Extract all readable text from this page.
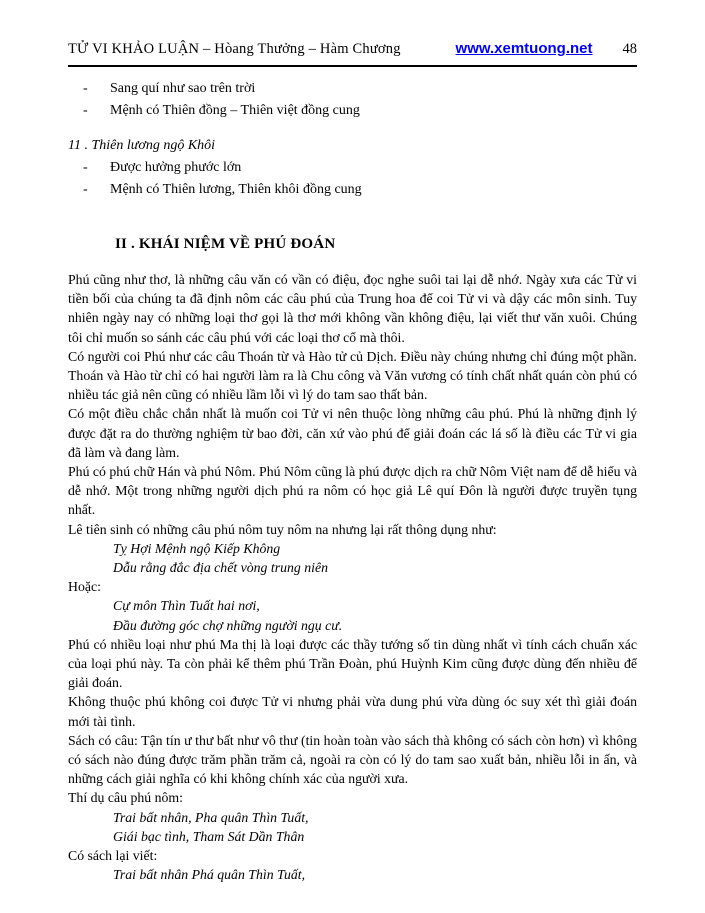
TỬ VI KHẢO LUẬN – Hòang Thưởng – Hàm Chương	www.xemtuong.net 48
-	Sang quí như sao trên trời
-	Mệnh có Thiên đồng – Thiên việt đồng cung

11 . Thiên lương ngộ Khôi

-	Được hưởng phước lớn
-	Mệnh có Thiên lương, Thiên khôi đồng cung
II . KHÁI NIỆM VỀ PHÚ ĐOÁN

Phú cũng như thơ, là những câu văn có vần có điệu, đọc nghe suôi tai lại dễ nhớ. Ngày xưa các Tử vi tiền bối của chúng ta đã định nôm các câu phú của Trung hoa để coi Tử vi và dậy các môn sinh. Tuy nhiên ngày nay có những loại thơ gọi là thơ mới không vần không điệu, lại viết thư văn xuôi. Chúng tôi chỉ muốn so sánh các câu phú với các loại thơ cổ mà thôi.

Có người coi Phú như các câu Thoán từ và Hào tử củ Dịch. Điều này chúng nhưng chỉ đúng một phần. Thoán và Hào từ chỉ có hai người làm ra là Chu công và Văn vương có tính chất nhất quán còn phú có nhiều tác giả nên cũng có nhiều lầm lỗi vì lý do tam sao thất bản.

Có một điều chắc chắn nhất là muốn coi Tử vi nên thuộc lòng những câu phú. Phú là những định lý được đặt ra do thường nghiệm từ bao đời, căn xứ vào phú để giải đoán các lá số là điều các Tử vi gia đã làm và đang làm.

Phú có phú chữ Hán và phú Nôm. Phú Nôm cũng là phú được dịch ra chữ Nôm Việt nam để dễ hiểu và dễ nhớ. Một trong những người dịch phú ra nôm có học giả Lê quí Đôn là người được truyền tụng nhất.

Lê tiên sinh có những câu phú nôm tuy nôm na nhưng lại rất thông dụng như:

Tỵ Hợi Mệnh ngộ Kiếp Không

Dẫu rằng đắc địa chết vòng trung niên

Hoặc:

Cự môn Thìn Tuất hai nơi,

Đầu đường góc chợ những người ngụ cư.

Phú có nhiều loại như phú Ma thị là loại được các thầy tướng số tin dùng nhất vì tính cách chuẩn xác của loại phú này. Ta còn phải kể thêm phú Trần Đoàn, phú Huỳnh Kim cũng được dùng đến nhiều để giải đoán.

Không thuộc phú không coi được Tử vi nhưng phải vừa dung phú vừa dùng óc suy xét thì giải đoán mới tài tình.

Sách có câu: Tận tín ư thư bất như vô thư (tin hoàn toàn vào sách thà không có sách còn hơn) vì không có sách nào đúng được trăm phần trăm cả, ngoài ra còn có lý do tam sao xuất bản, nhiều lỗi in ấn, và những cách giải nghĩa có khi không chính xác của người xưa.

Thí dụ câu phú nôm:

Trai bất nhân, Pha quân Thìn Tuất,

Giái bạc tình, Tham Sát Dần Thân

Có sách lại viết:

Trai bất nhân Phá quân Thìn Tuất,
